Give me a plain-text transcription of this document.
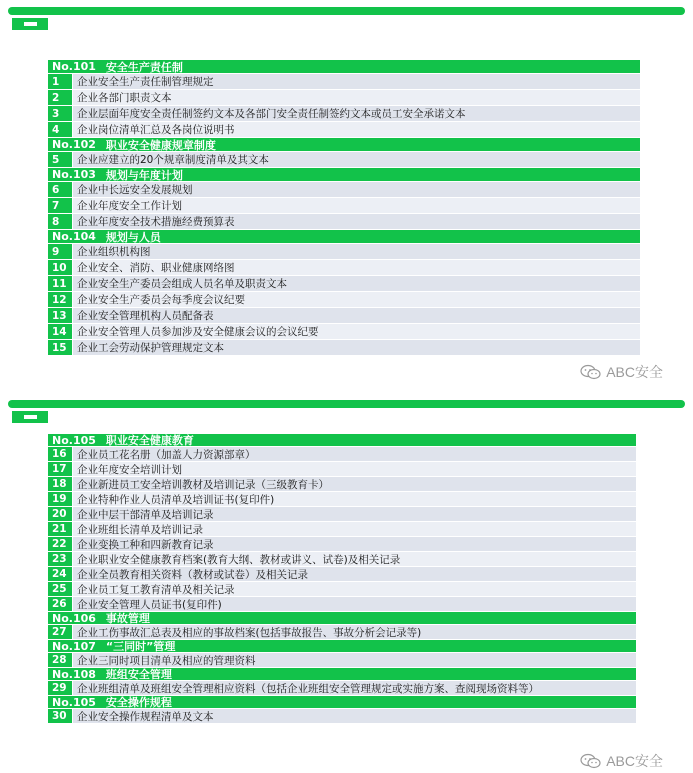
No.101 安全生产责任制
1	企业安全生产责任制管理规定
2	企业各部门职责文本
3	企业层面年度安全责任制签约文本及各部门安全责任制签约文本或员工安全承诺文本
4	企业岗位清单汇总及各岗位说明书
No.102 职业安全健康规章制度
5	企业应建立的20个规章制度清单及其文本
No.103 规划与年度计划
6	企业中长远安全发展规划
7	企业年度安全工作计划
8	企业年度安全技术措施经费预算表
No.104 规划与人员
9	企业组织机构图
10 企业安全、消防、职业健康网络图
11 企业安全生产委员会组成人员名单及职责文本
12 企业安全生产委员会每季度会议纪要
13 企业安全管理机构人员配备表
14 企业安全管理人员参加涉及安全健康会议的会议纪要
15 企业工会劳动保护管理规定文本
ABC安全
No.105 职业安全健康教育
16 企业员工花名册（加盖人力资源部章）
17 企业年度安全培训计划
18 企业新进员工安全培训教材及培训记录（三级教育卡）
19 企业特种作业人员清单及培训证书(复印件)
20 企业中层干部清单及培训记录
21 企业班组长清单及培训记录
22 企业变换工种和四新教育记录
23 企业职业安全健康教育档案(教育大纲、教材或讲义、试卷)及相关记录
24 企业全员教育相关资料（教材或试卷）及相关记录
25 企业员工复工教育清单及相关记录
26 企业安全管理人员证书(复印件)
No.106 事故管理
27 企业工伤事故汇总表及相应的事故档案(包括事故报告、事故分析会记录等)
No.107 “三同时”管理
28 企业三同时项目清单及相应的管理资料
No.108 班组安全管理
29 企业班组清单及班组安全管理相应资料（包括企业班组安全管理规定或实施方案、查阅现场资料等）
No.105 安全操作规程
30 企业安全操作规程清单及文本
ABC安全
